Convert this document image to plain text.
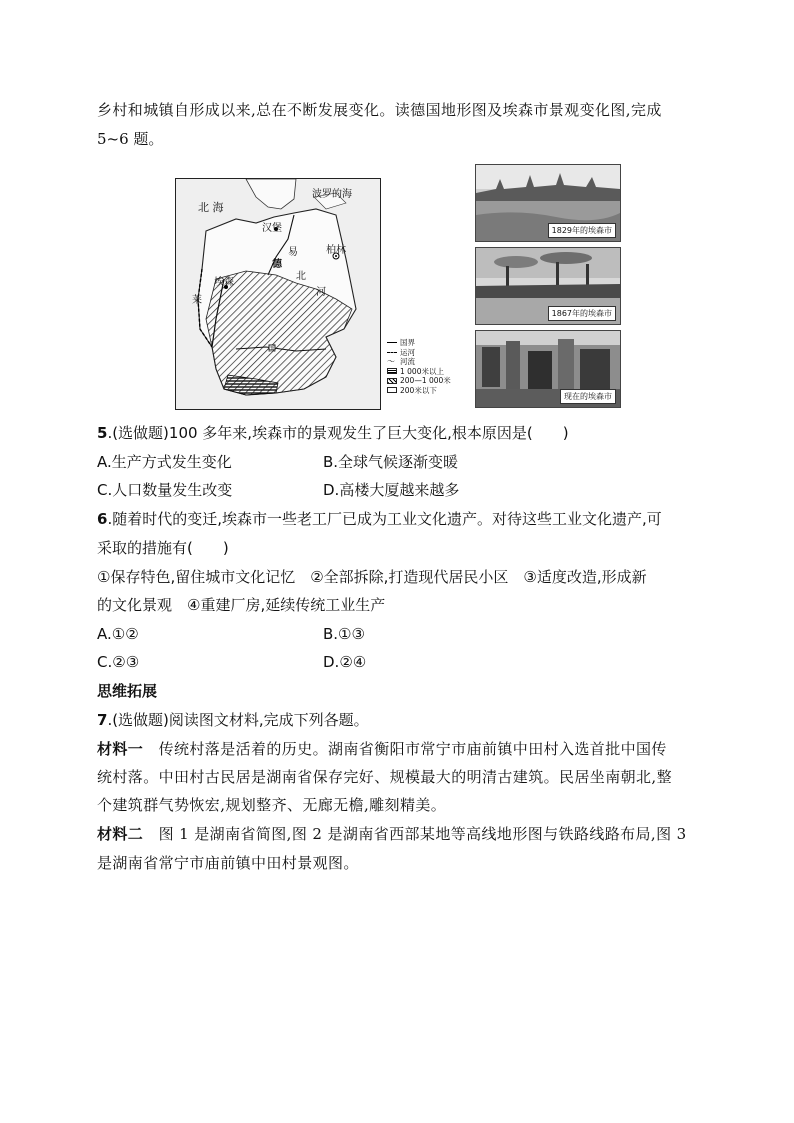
乡村和城镇自形成以来,总在不断发展变化。读德国地形图及埃森市景观变化图,完成
5~6 题。
北 海
波罗的海
汉堡
柏林
易
德
埃森
北
河
莱
国
国界
运河
〜 河流
1 000米以上
200—1 000米
200米以下
1829年的埃森市
1867年的埃森市
现在的埃森市
5.(选做题)100 多年来,埃森市的景观发生了巨大变化,根本原因是(　　)
A.生产方式发生变化	B.全球气候逐渐变暖
C.人口数量发生改变	D.高楼大厦越来越多
6.随着时代的变迁,埃森市一些老工厂已成为工业文化遗产。对待这些工业文化遗产,可
采取的措施有(　　)
①保存特色,留住城市文化记忆　②全部拆除,打造现代居民小区　③适度改造,形成新
的文化景观　④重建厂房,延续传统工业生产
A.①②	B.①③
C.②③	D.②④
思维拓展
7.(选做题)阅读图文材料,完成下列各题。
材料一　传统村落是活着的历史。湖南省衡阳市常宁市庙前镇中田村入选首批中国传
统村落。中田村古民居是湖南省保存完好、规模最大的明清古建筑。民居坐南朝北,整
个建筑群气势恢宏,规划整齐、无廊无檐,雕刻精美。
材料二　图 1 是湖南省简图,图 2 是湖南省西部某地等高线地形图与铁路线路布局,图 3
是湖南省常宁市庙前镇中田村景观图。
